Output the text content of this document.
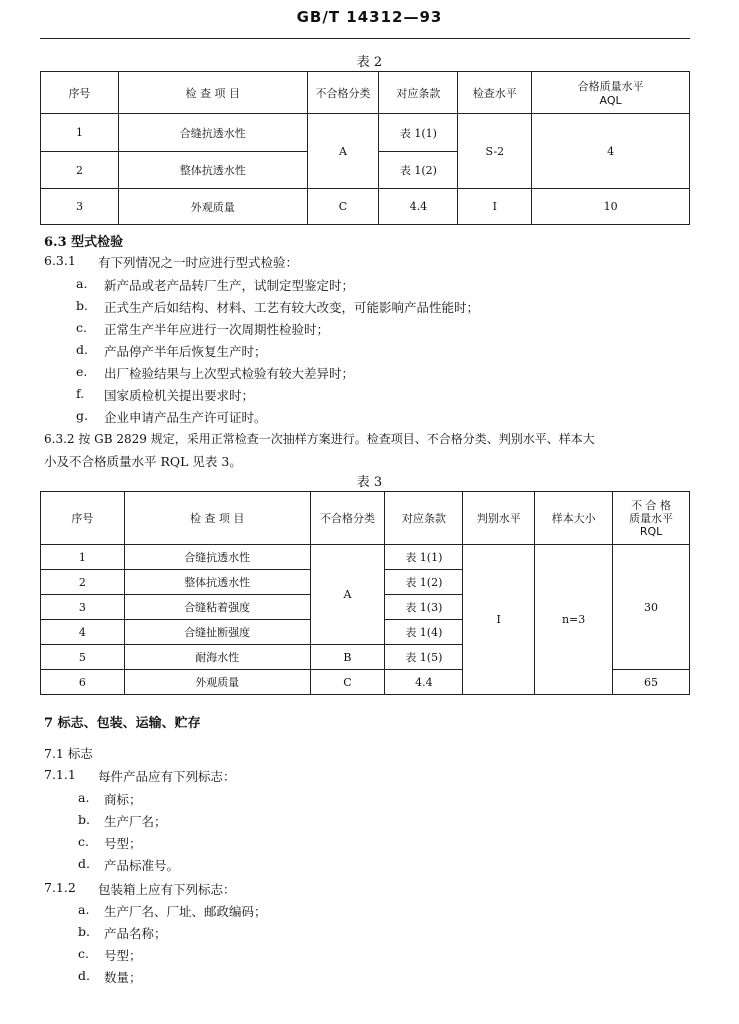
GB/T 14312—93
表 2
序号	检 查 项 目	不合格分类	对应条款	检查水平	合格质量水平
AQL

1	合缝抗透水性	A	表 1(1)	S-2	4
2	整体抗透水性		表 1(2)		
3	外观质量	C	4.4	I	10
6.3 型式检验
6.3.1 有下列情况之一时应进行型式检验：
a. 新产品或老产品转厂生产，试制定型鉴定时；
b. 正式生产后如结构、材料、工艺有较大改变，可能影响产品性能时；
c. 正常生产半年应进行一次周期性检验时；
d. 产品停产半年后恢复生产时；
e. 出厂检验结果与上次型式检验有较大差异时；
f. 国家质检机关提出要求时；
g. 企业申请产品生产许可证时。
6.3.2 按 GB 2829 规定，采用正常检查一次抽样方案进行。检查项目、不合格分类、判别水平、样本大
小及不合格质量水平 RQL 见表 3。
表 3
序号	检 查 项 目	不合格分类	对应条款	判别水平	样本大小	不 合 格
质量水平
RQL

1	合缝抗透水性	A	表 1(1)	I	n=3	30
2	整体抗透水性		表 1(2)			
3	合缝粘着强度		表 1(3)			
4	合缝扯断强度		表 1(4)			
5	耐海水性	B	表 1(5)			
6	外观质量	C	4.4			65
7 标志、包装、运输、贮存
7.1 标志
7.1.1 每件产品应有下列标志：
a. 商标；
b. 生产厂名；
c. 号型；
d. 产品标准号。
7.1.2 包装箱上应有下列标志：
a. 生产厂名、厂址、邮政编码；
b. 产品名称；
c. 号型；
d. 数量；
